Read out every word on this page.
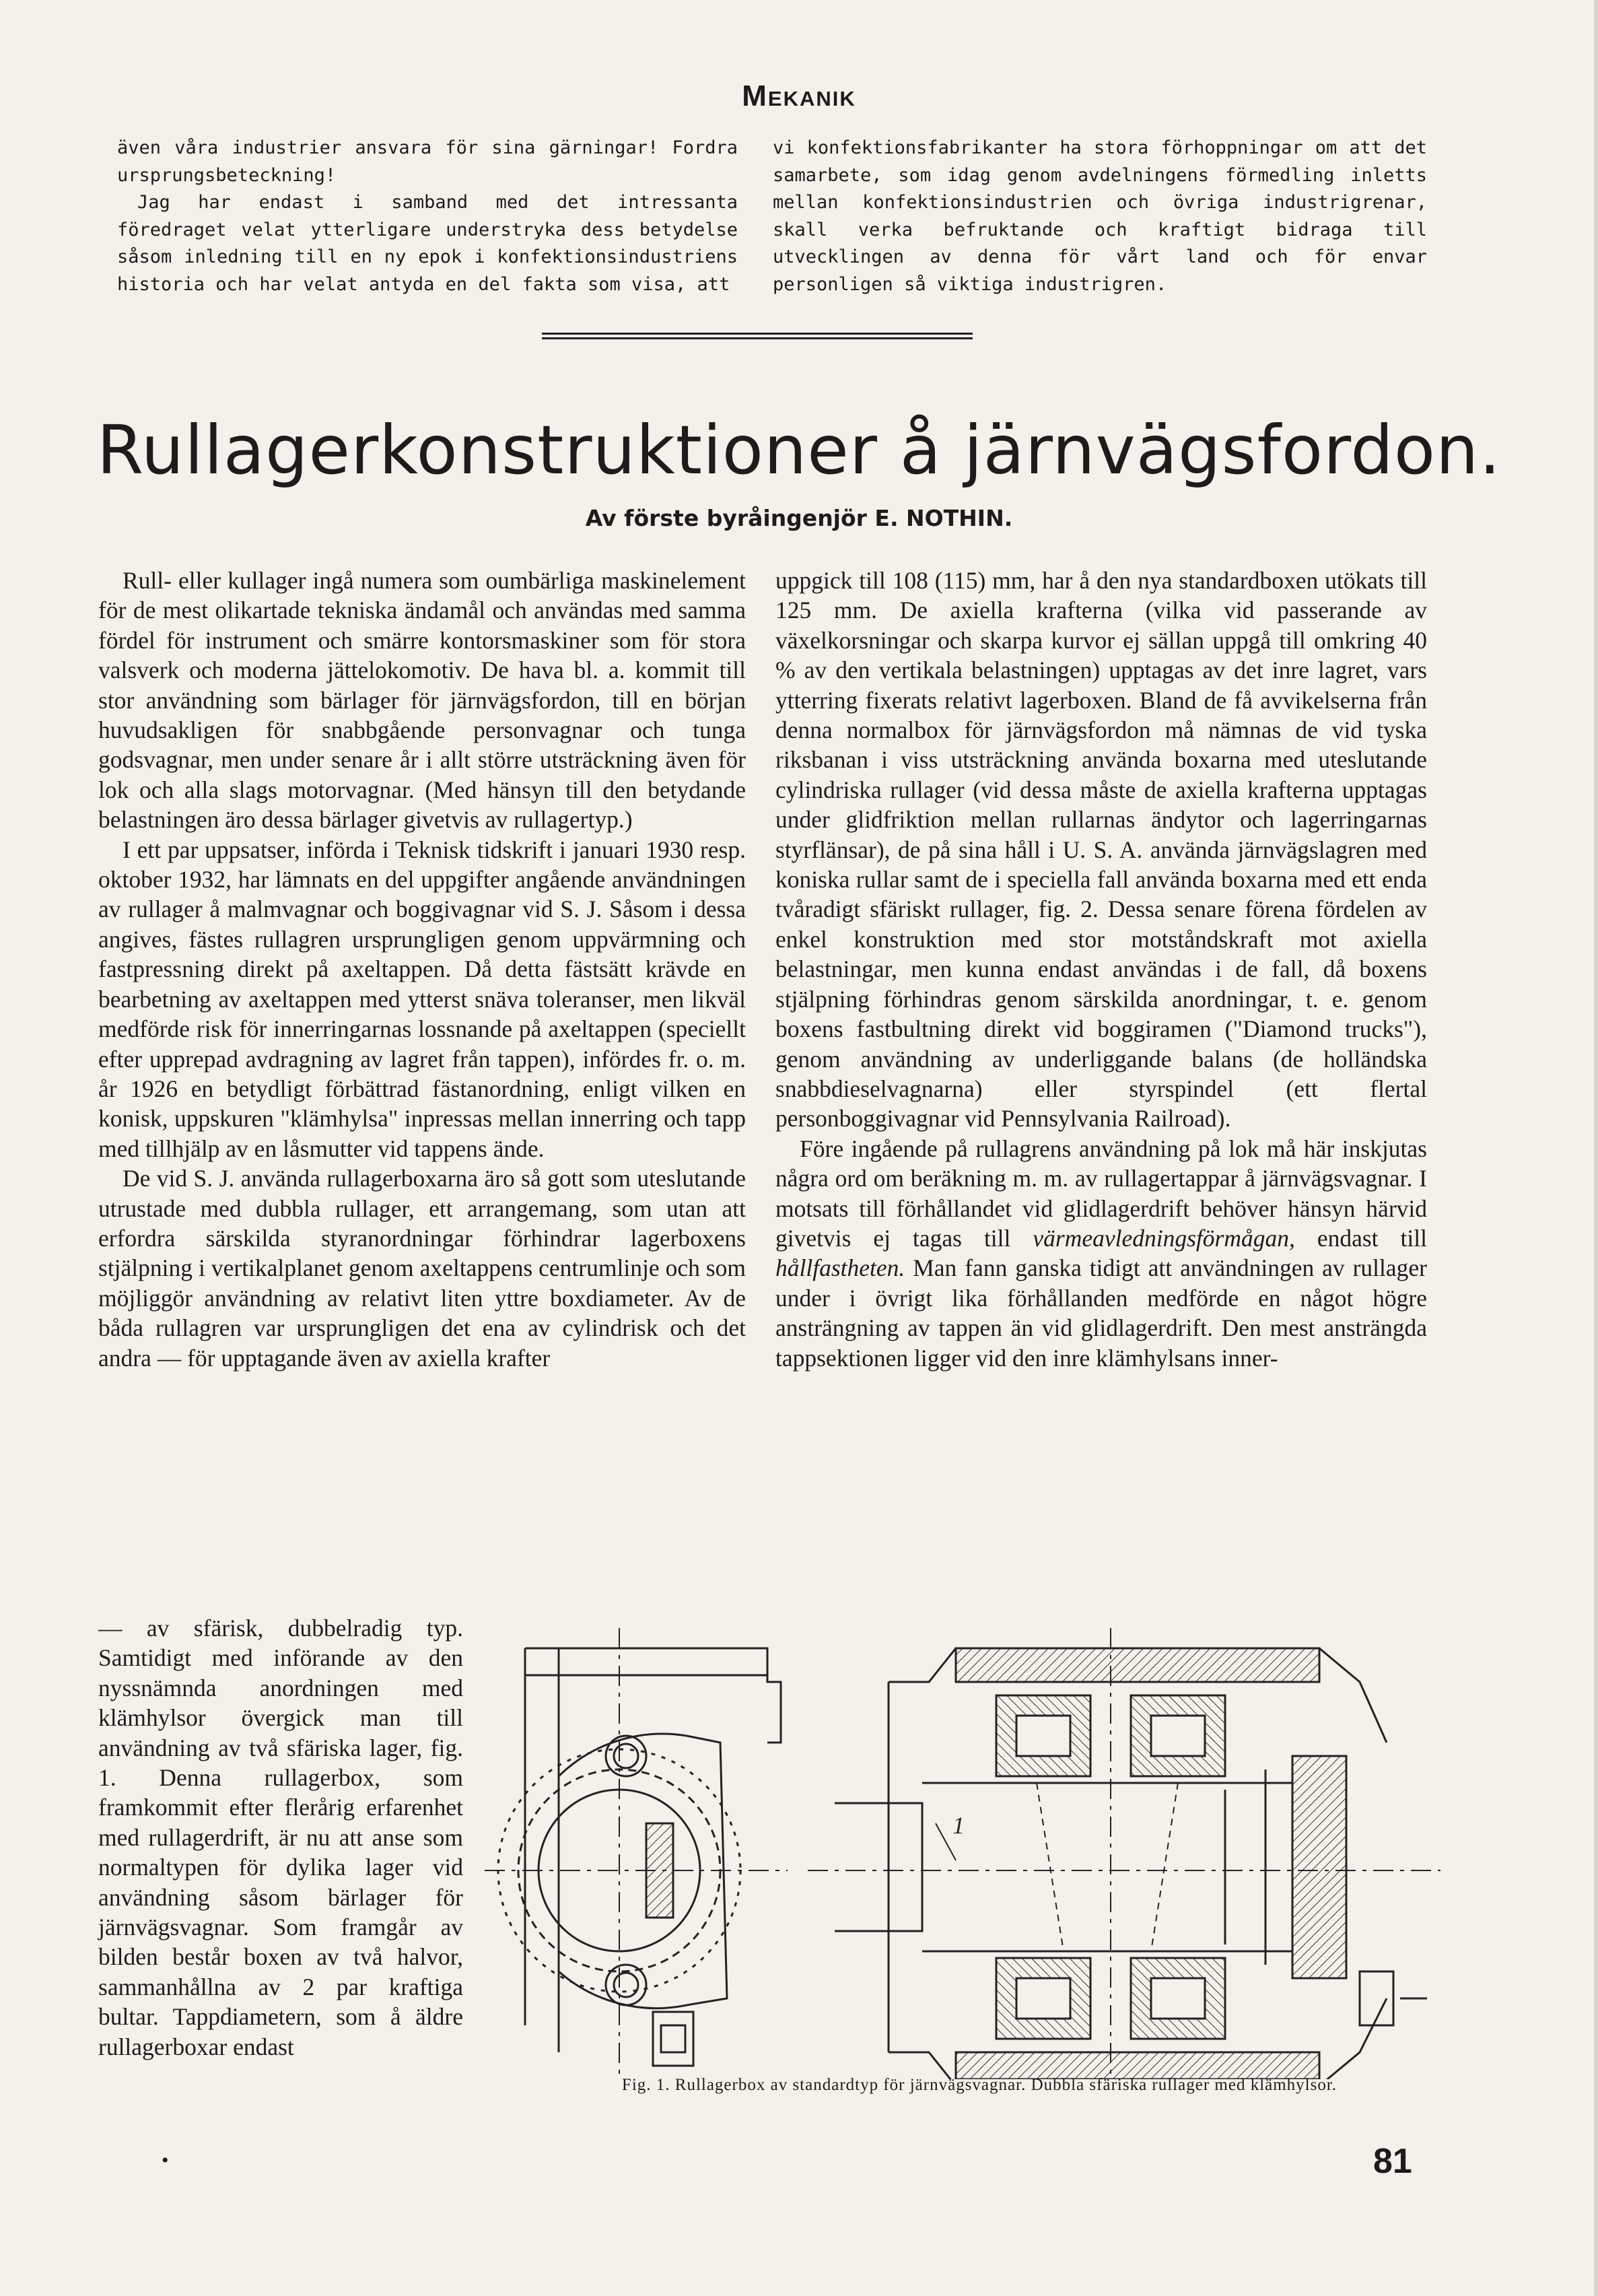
Mekanik

även våra industrier ansvara för sina gärningar! Fordra ursprungsbeteckning!

Jag har endast i samband med det intressanta föredraget velat ytterligare understryka dess betydelse såsom inledning till en ny epok i konfektionsindustriens historia och har velat antyda en del fakta som visa, att

vi konfektionsfabrikanter ha stora förhoppningar om att det samarbete, som idag genom avdelningens förmedling inletts mellan konfektionsindustrien och övriga industrigrenar, skall verka befruktande och kraftigt bidraga till utvecklingen av denna för vårt land och för envar personligen så viktiga industrigren.

Rullagerkonstruktioner å järnvägsfordon.
Av förste byråingenjör E. NOTHIN.

Rull- eller kullager ingå numera som oumbärliga maskinelement för de mest olikartade tekniska ändamål och användas med samma fördel för instrument och smärre kontorsmaskiner som för stora valsverk och moderna jättelokomotiv. De hava bl. a. kommit till stor användning som bärlager för järnvägsfordon, till en början huvudsakligen för snabbgående personvagnar och tunga godsvagnar, men under senare år i allt större utsträckning även för lok och alla slags motorvagnar. (Med hänsyn till den betydande belastningen äro dessa bärlager givetvis av rullagertyp.)

I ett par uppsatser, införda i Teknisk tidskrift i januari 1930 resp. oktober 1932, har lämnats en del uppgifter angående användningen av rullager å malmvagnar och boggivagnar vid S. J. Såsom i dessa angives, fästes rullagren ursprungligen genom uppvärmning och fastpressning direkt på axeltappen. Då detta fästsätt krävde en bearbetning av axeltappen med ytterst snäva toleranser, men likväl medförde risk för innerringarnas lossnande på axeltappen (speciellt efter upprepad avdragning av lagret från tappen), infördes fr. o. m. år 1926 en betydligt förbättrad fästanordning, enligt vilken en konisk, uppskuren "klämhylsa" inpressas mellan innerring och tapp med tillhjälp av en låsmutter vid tappens ände.

De vid S. J. använda rullagerboxarna äro så gott som uteslutande utrustade med dubbla rullager, ett arrangemang, som utan att erfordra särskilda styranordningar förhindrar lagerboxens stjälpning i vertikalplanet genom axeltappens centrumlinje och som möjliggör användning av relativt liten yttre boxdiameter. Av de båda rullagren var ursprungligen det ena av cylindrisk och det andra — för upptagande även av axiella krafter

— av sfärisk, dubbelradig typ. Samtidigt med införande av den nyssnämnda anordningen med klämhylsor övergick man till användning av två sfäriska lager, fig. 1. Denna rullagerbox, som framkommit efter flerårig erfarenhet med rullagerdrift, är nu att anse som normaltypen för dylika lager vid användning såsom bärlager för järnvägsvagnar. Som framgår av bilden består boxen av två halvor, sammanhållna av 2 par kraftiga bultar. Tappdiametern, som å äldre rullagerboxar endast

uppgick till 108 (115) mm, har å den nya standardboxen utökats till 125 mm. De axiella krafterna (vilka vid passerande av växelkorsningar och skarpa kurvor ej sällan uppgå till omkring 40 % av den vertikala belastningen) upptagas av det inre lagret, vars ytterring fixerats relativt lagerboxen. Bland de få avvikelserna från denna normalbox för järnvägsfordon må nämnas de vid tyska riksbanan i viss utsträckning använda boxarna med uteslutande cylindriska rullager (vid dessa måste de axiella krafterna upptagas under glidfriktion mellan rullarnas ändytor och lagerringarnas styrflänsar), de på sina håll i U. S. A. använda järnvägslagren med koniska rullar samt de i speciella fall använda boxarna med ett enda tvåradigt sfäriskt rullager, fig. 2. Dessa senare förena fördelen av enkel konstruktion med stor motståndskraft mot axiella belastningar, men kunna endast användas i de fall, då boxens stjälpning förhindras genom särskilda anordningar, t. e. genom boxens fastbultning direkt vid boggiramen ("Diamond trucks"), genom användning av underliggande balans (de holländska snabbdieselvagnarna) eller styrspindel (ett flertal personboggivagnar vid Pennsylvania Railroad).

Före ingående på rullagrens användning på lok må här inskjutas några ord om beräkning m. m. av rullagertappar å järnvägsvagnar. I motsats till förhållandet vid glidlagerdrift behöver hänsyn härvid givetvis ej tagas till värmeavledningsförmågan, endast till hållfastheten. Man fann ganska tidigt att användningen av rullager under i övrigt lika förhållanden medförde en något högre ansträngning av tappen än vid glidlagerdrift. Den mest ansträngda tappsektionen ligger vid den inre klämhylsans inner-

1
Fig. 1. Rullagerbox av standardtyp för järnvägsvagnar. Dubbla sfäriska rullager med klämhylsor.
•	81
